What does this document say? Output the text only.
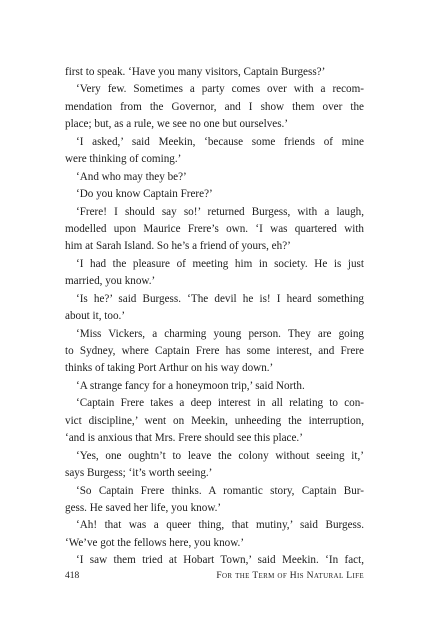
first to speak. ‘Have you many visitors, Captain Burgess?’
‘Very few. Sometimes a party comes over with a recom-
mendation from the Governor, and I show them over the
place; but, as a rule, we see no one but ourselves.’
‘I asked,’ said Meekin, ‘because some friends of mine
were thinking of coming.’
‘And who may they be?’
‘Do you know Captain Frere?’
‘Frere! I should say so!’ returned Burgess, with a laugh,
modelled upon Maurice Frere’s own. ‘I was quartered with
him at Sarah Island. So he’s a friend of yours, eh?’
‘I had the pleasure of meeting him in society. He is just
married, you know.’
‘Is he?’ said Burgess. ‘The devil he is! I heard something
about it, too.’
‘Miss Vickers, a charming young person. They are going
to Sydney, where Captain Frere has some interest, and Frere
thinks of taking Port Arthur on his way down.’
‘A strange fancy for a honeymoon trip,’ said North.
‘Captain Frere takes a deep interest in all relating to con-
vict discipline,’ went on Meekin, unheeding the interruption,
‘and is anxious that Mrs. Frere should see this place.’
‘Yes, one oughtn’t to leave the colony without seeing it,’
says Burgess; ‘it’s worth seeing.’
‘So Captain Frere thinks. A romantic story, Captain Bur-
gess. He saved her life, you know.’
‘Ah! that was a queer thing, that mutiny,’ said Burgess.
‘We’ve got the fellows here, you know.’
‘I saw them tried at Hobart Town,’ said Meekin. ‘In fact,
418	For the Term of His Natural Life
